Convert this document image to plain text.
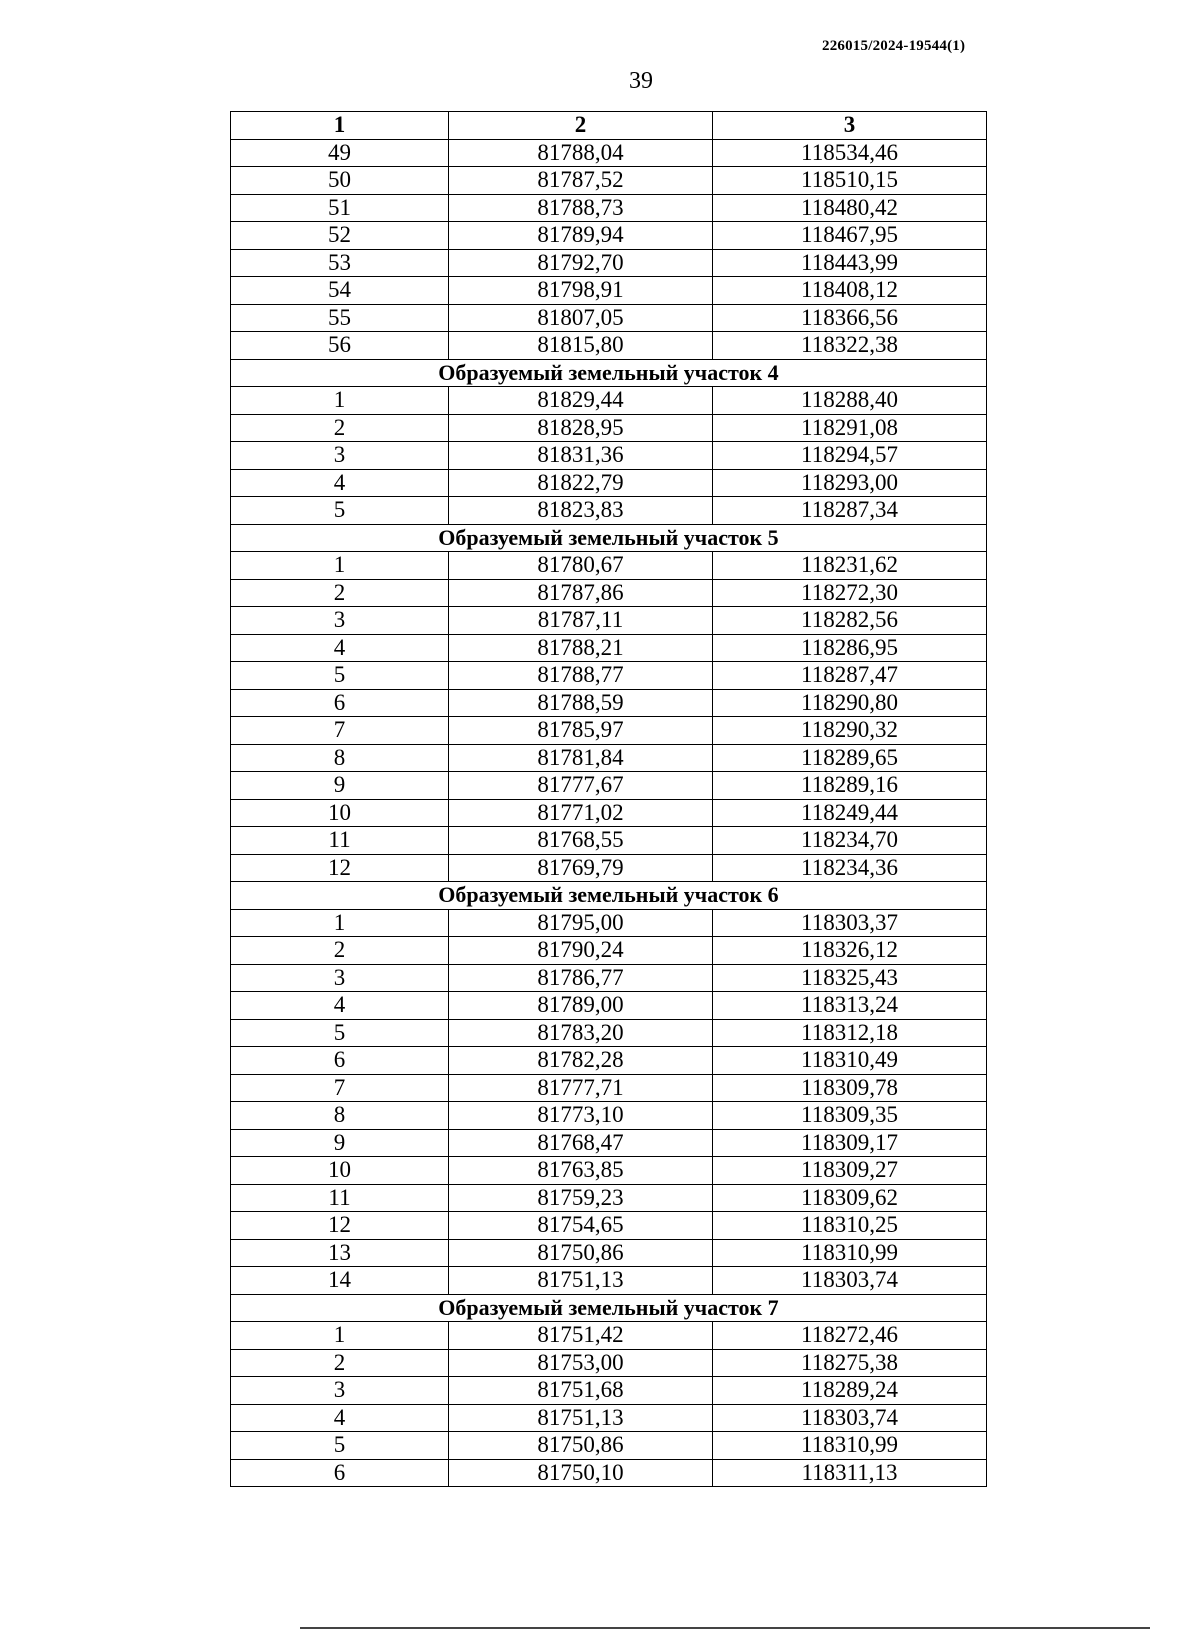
226015/2024-19544(1)
39
1	2	3
49	81788,04	118534,46
50	81787,52	118510,15
51	81788,73	118480,42
52	81789,94	118467,95
53	81792,70	118443,99
54	81798,91	118408,12
55	81807,05	118366,56
56	81815,80	118322,38
Образуемый земельный участок 4		
1	81829,44	118288,40
2	81828,95	118291,08
3	81831,36	118294,57
4	81822,79	118293,00
5	81823,83	118287,34
Образуемый земельный участок 5		
1	81780,67	118231,62
2	81787,86	118272,30
3	81787,11	118282,56
4	81788,21	118286,95
5	81788,77	118287,47
6	81788,59	118290,80
7	81785,97	118290,32
8	81781,84	118289,65
9	81777,67	118289,16
10	81771,02	118249,44
11	81768,55	118234,70
12	81769,79	118234,36
Образуемый земельный участок 6		
1	81795,00	118303,37
2	81790,24	118326,12
3	81786,77	118325,43
4	81789,00	118313,24
5	81783,20	118312,18
6	81782,28	118310,49
7	81777,71	118309,78
8	81773,10	118309,35
9	81768,47	118309,17
10	81763,85	118309,27
11	81759,23	118309,62
12	81754,65	118310,25
13	81750,86	118310,99
14	81751,13	118303,74
Образуемый земельный участок 7		
1	81751,42	118272,46
2	81753,00	118275,38
3	81751,68	118289,24
4	81751,13	118303,74
5	81750,86	118310,99
6	81750,10	118311,13
